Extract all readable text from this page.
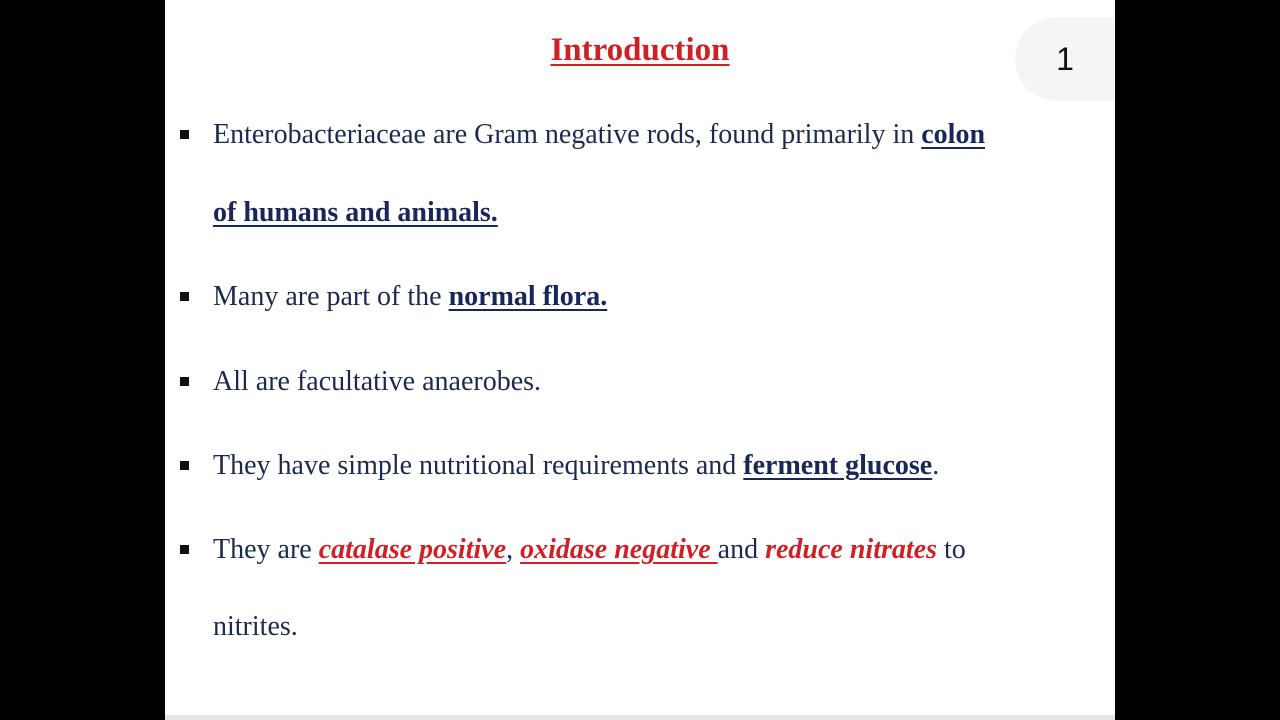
Introduction	1
Enterobacteriaceae are Gram negative rods, found primarily in colon
of humans and animals.
Many are part of the normal flora.
All are facultative anaerobes.
They have simple nutritional requirements and ferment glucose.
They are catalase positive, oxidase negative and reduce nitrates to
nitrites.
